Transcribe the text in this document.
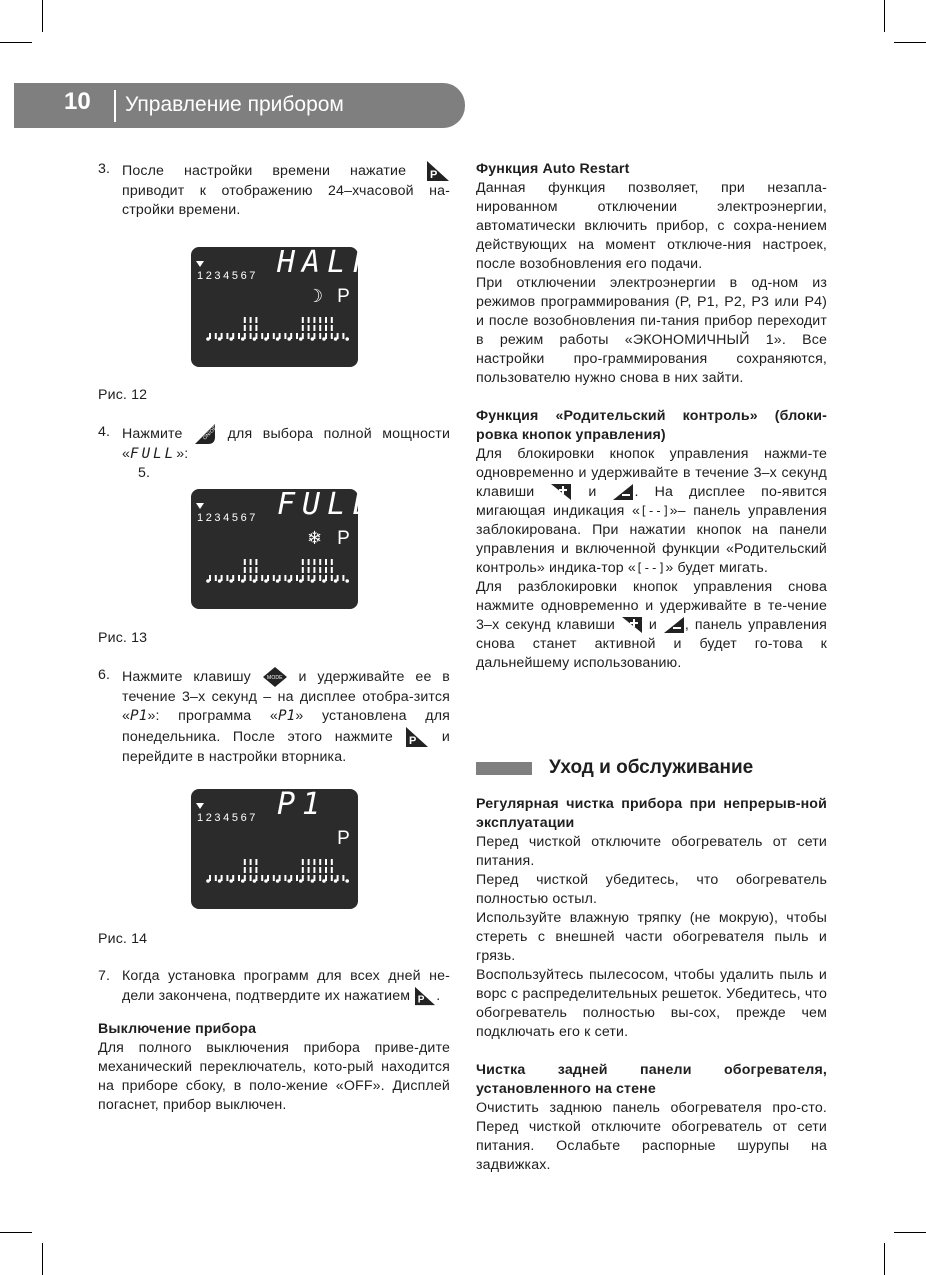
10 Управление прибором
3. После настройки времени нажатие P
приводит к отображению 24–хчасовой на-стройки времени.
1234567 HALF
☽ P

Рис. 12

4. Нажмите	ON/OFF для выбора полной мощности «FULL»:

5.

1234567 FULL
❄ P

Рис. 13

6. Нажмите клавишу	MODE и удерживайте ее в течение 3–х секунд – на дисплее отобра-зится «P1»: программа «P1» установлена для понедельника. После этого нажмите P и перейдите в настройки вторника.
1234567 P1
P

Рис. 14

7. Когда установка программ для всех дней не-дели закончена, подтвердите их нажатием P .

Выключение прибора

Для полного выключения прибора приве-дите механический переключатель, кото-рый находится на приборе сбоку, в поло-жение «OFF». Дисплей погаснет, прибор выключен.

Функция Auto Restart

Данная функция позволяет, при незапла-нированном отключении электроэнергии, автоматически включить прибор, с сохра-нением действующих на момент отключе-ния настроек, после возобновления его подачи.

При отключении электроэнергии в од-ном из режимов программирования (P, P1, P2, P3 или P4) и после возобновления пи-тания прибор переходит в режим работы «ЭКОНОМИЧНЫЙ 1». Все настройки про-граммирования сохраняются, пользователю нужно снова в них зайти.

Функция «Родительский контроль» (блоки-ровка кнопок управления)

Для блокировки кнопок управления нажми-те одновременно и удерживайте в течение 3–х секунд клавиши	и	. На дисплее по-явится мигающая индикация «[--]»– панель управления заблокирована. При нажатии кнопок на панели управления и включенной функции «Родительский контроль» индика-тор «[--]» будет мигать.

Для разблокировки кнопок управления снова нажмите одновременно и удерживайте в те-чение 3–х секунд клавиши и , панель управления снова станет активной и будет го-това к дальнейшему использованию.

Уход и обслуживание

Регулярная чистка прибора при непрерыв-ной эксплуатации

Перед чисткой отключите обогреватель от сети питания.

Перед чисткой убедитесь, что обогреватель полностью остыл.

Используйте влажную тряпку (не мокрую), чтобы стереть с внешней части обогревателя пыль и грязь.

Воспользуйтесь пылесосом, чтобы удалить пыль и ворс с распределительных решеток. Убедитесь, что обогреватель полностью вы-сох, прежде чем подключать его к сети.

Чистка задней панели обогревателя, установленного на стене

Очистить заднюю панель обогревателя про-сто. Перед чисткой отключите обогреватель от сети питания. Ослабьте распорные шурупы на задвижках.
